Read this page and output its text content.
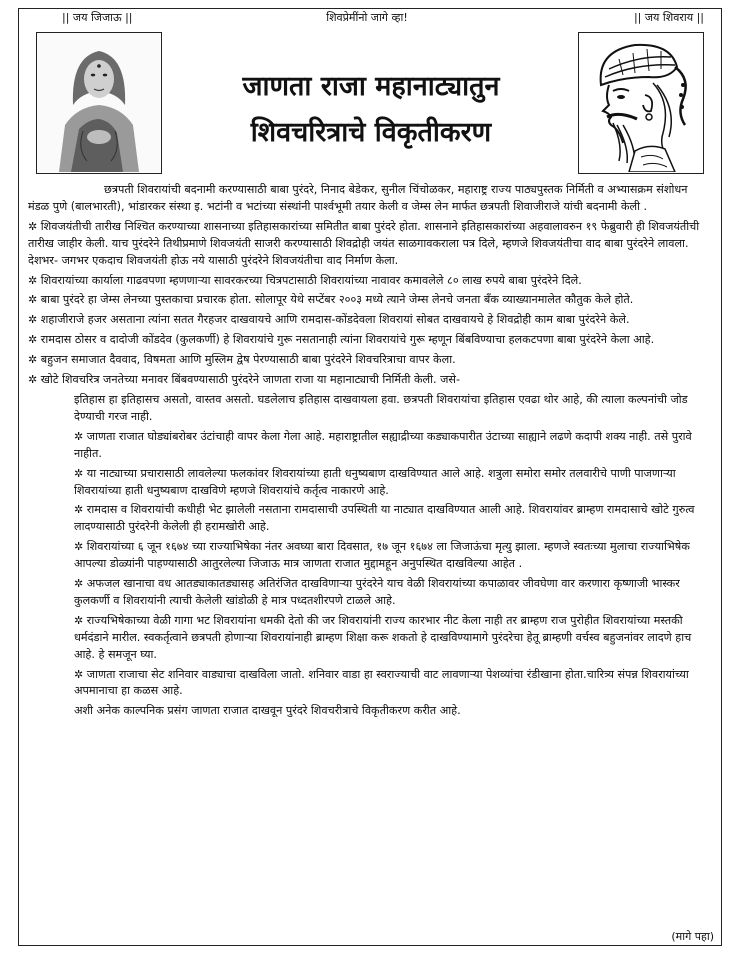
|| जय जिजाऊ ||	शिवप्रेमींनो जागे व्हा!	|| जय शिवराय ||
जाणता राजा महानाट्यातुन
शिवचरित्राचे विकृतीकरण

छत्रपती शिवरायांची बदनामी करण्यासाठी बाबा पुरंदरे, निनाद बेडेकर, सुनील चिंचोळकर, महाराष्ट्र राज्य पाठ्यपुस्तक निर्मिती व अभ्यासक्रम संशोधन मंडळ पुणे (बालभारती), भांडारकर संस्था इ. भटांनी व भटांच्या संस्थांनी पार्श्वभूमी तयार केली व जेम्स लेन मार्फत छत्रपती शिवाजीराजे यांची बदनामी केली .

✲ शिवजयंतीची तारीख निश्चित करण्याच्या शासनाच्या इतिहासकारांच्या समितीत बाबा पुरंदरे होता. शासनाने इतिहासकारांच्या अहवालावरुन १९ फेब्रुवारी ही शिवजयंतीची तारीख जाहीर केली. याच पुरंदरेने तिथीप्रमाणे शिवजयंती साजरी करण्यासाठी शिवद्रोही जयंत साळगावकराला पत्र दिले, म्हणजे शिवजयंतीचा वाद बाबा पुरंदरेने लावला. देशभर- जगभर एकदाच शिवजयंती होऊ नये यासाठी पुरंदरेने शिवजयंतीचा वाद निर्माण केला.

✲ शिवरायांच्या कार्याला गाढवपणा म्हणणाऱ्या सावरकरच्या चित्रपटासाठी शिवरायांच्या नावावर कमावलेले ८० लाख रुपये बाबा पुरंदरेने दिले.

✲ बाबा पुरंदरे हा जेम्स लेनच्या पुस्तकाचा प्रचारक होता. सोलापूर येथे सप्टेंबर २००३ मध्ये त्याने जेम्स लेनचे जनता बँक व्याख्यानमालेत कौतुक केले होते.

✲ शहाजीराजे हजर असताना त्यांना सतत गैरहजर दाखवायचे आणि रामदास-कोंडदेवला शिवरायां सोबत दाखवायचे हे शिवद्रोही काम बाबा पुरंदरेने केले.

✲ रामदास ठोसर व दादोजी कोंडदेव (कुलकर्णी) हे शिवरायांचे गुरू नसतानाही त्यांना शिवरायांचे गुरू म्हणून बिंबविण्याचा हलकटपणा बाबा पुरंदरेने केला आहे.

✲ बहुजन समाजात दैववाद, विषमता आणि मुस्लिम द्वेष पेरण्यासाठी बाबा पुरंदरेने शिवचरित्राचा वापर केला.

✲ खोटे शिवचरित्र जनतेच्या मनावर बिंबवण्यासाठी पुरंदरेने जाणता राजा या महानाट्याची निर्मिती केली. जसे-

इतिहास हा इतिहासच असतो, वास्तव असतो. घडलेलाच इतिहास दाखवायला हवा. छत्रपती शिवरायांचा इतिहास एवढा थोर आहे, की त्याला कल्पनांची जोड देण्याची गरज नाही.

✲ जाणता राजात घोड्यांबरोबर उंटांचाही वापर केला गेला आहे. महाराष्ट्रातील सह्याद्रीच्या कड्याकपारीत उंटाच्या साह्याने लढणे कदापी शक्य नाही. तसे पुरावे नाहीत.

✲ या नाट्याच्या प्रचारासाठी लावलेल्या फलकांवर शिवरायांच्या हाती धनुष्यबाण दाखविण्यात आले आहे. शत्रुला समोरा समोर तलवारीचे पाणी पाजणाऱ्या शिवरायांच्या हाती धनुष्यबाण दाखविणे म्हणजे शिवरायांचे कर्तृत्व नाकारणे आहे.

✲ रामदास व शिवरायांची कधीही भेट झालेली नसताना रामदासाची उपस्थिती या नाट्यात दाखविण्यात आली आहे. शिवरायांवर ब्राम्हण रामदासाचे खोटे गुरुत्व लादण्यासाठी पुरंदरेनी केलेली ही हरामखोरी आहे.

✲ शिवरायांच्या ६ जून १६७४ च्या राज्याभिषेका नंतर अवघ्या बारा दिवसात, १७ जून १६७४ ला जिजाऊंचा मृत्यु झाला. म्हणजे स्वतःच्या मुलाचा राज्याभिषेक आपल्या डोळ्यांनी पाहण्यासाठी आतुरलेल्या जिजाऊ मात्र जाणता राजात मुद्दामहून अनुपस्थित दाखविल्या आहेत .

✲ अफजल खानाचा वध आतड्याकातड्यासह अतिरंजित दाखविणाऱ्या पुरंदरेने याच वेळी शिवरायांच्या कपाळावर जीवघेणा वार करणारा कृष्णाजी भास्कर कुलकर्णी व शिवरायांनी त्याची केलेली खांडोळी हे मात्र पध्दतशीरपणे टाळले आहे.

✲ राज्यभिषेकाच्या वेळी गागा भट शिवरायांना धमकी देतो की जर शिवरायांनी राज्य कारभार नीट केला नाही तर ब्राम्हण राज पुरोहीत शिवरायांच्या मस्तकी धर्मदंडाने मारील. स्वकर्तृत्वाने छत्रपती होणाऱ्या शिवरायांनाही ब्राम्हण शिक्षा करू शकतो हे दाखविण्यामागे पुरंदरेचा हेतू ब्राम्हणी वर्चस्व बहुजनांवर लादणे हाच आहे. हे समजून घ्या.

✲ जाणता राजाचा सेट शनिवार वाड्याचा दाखविला जातो. शनिवार वाडा हा स्वराज्याची वाट लावणाऱ्या पेशव्यांचा रंडीखाना होता.चारित्र्य संपन्न शिवरायांच्या अपमानाचा हा कळस आहे.

अशी अनेक काल्पनिक प्रसंग जाणता राजात दाखवून पुरंदरे शिवचरीत्राचे विकृतीकरण करीत आहे.

(मागे पहा)
